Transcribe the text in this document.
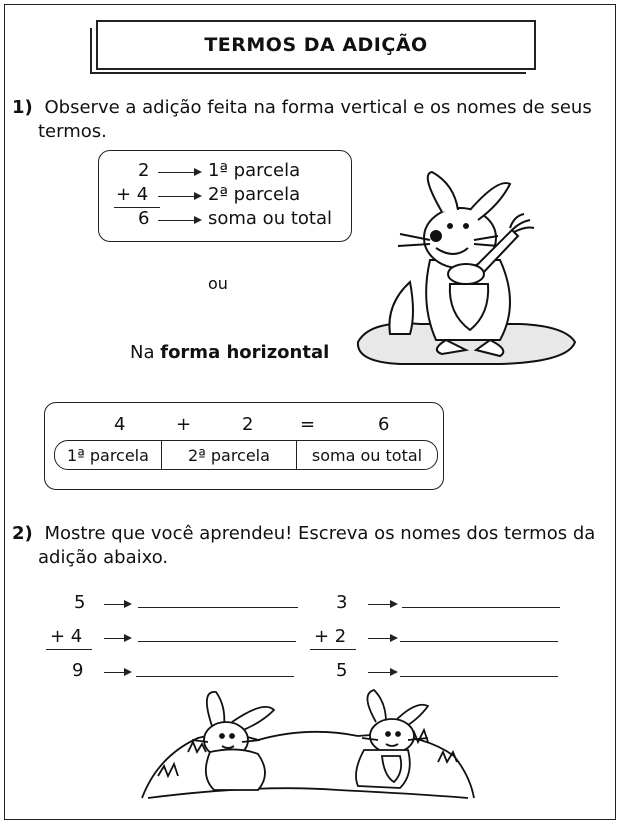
TERMOS DA ADIÇÃO
1) Observe a adição feita na forma vertical e os nomes de seus
termos.
2	1ª parcela
+ 4	2ª parcela
6	soma ou total
ou
Na forma horizontal
4	+	2	=	6
1ª parcela	2ª parcela	soma ou total
2) Mostre que você aprendeu! Escreva os nomes dos termos da
adição abaixo.
5
+ 4
9
3
+ 2
5
